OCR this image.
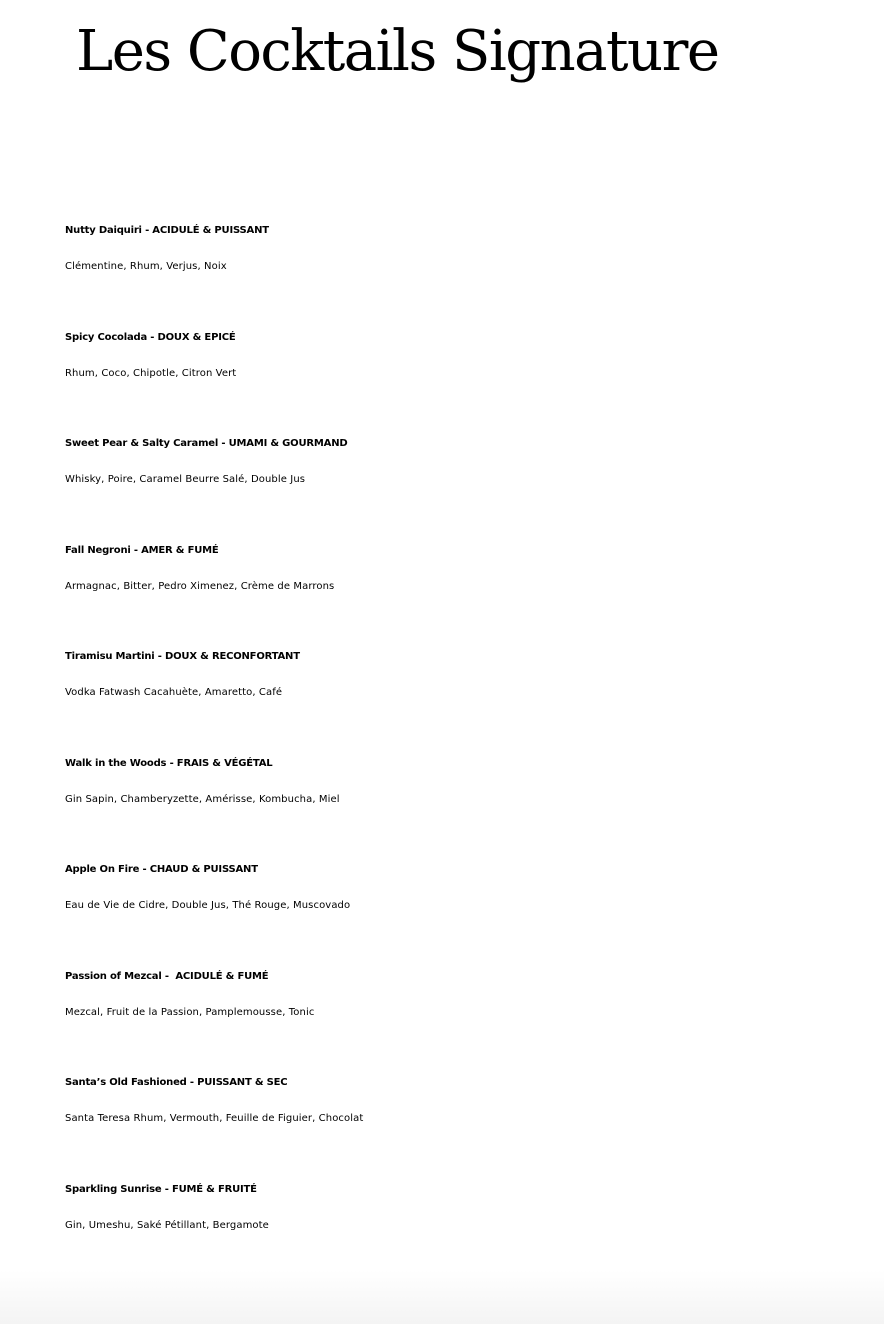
Les Cocktails Signature
Nutty Daiquiri - ACIDULÉ & PUISSANT
Clémentine, Rhum, Verjus, Noix
Spicy Cocolada - DOUX & EPICÉ
Rhum, Coco, Chipotle, Citron Vert
Sweet Pear & Salty Caramel - UMAMI & GOURMAND
Whisky, Poire, Caramel Beurre Salé, Double Jus
Fall Negroni - AMER & FUMÉ
Armagnac, Bitter, Pedro Ximenez, Crème de Marrons
Tiramisu Martini - DOUX & RECONFORTANT
Vodka Fatwash Cacahuète, Amaretto, Café
Walk in the Woods - FRAIS & VÉGÉTAL
Gin Sapin, Chamberyzette, Amérisse, Kombucha, Miel
Apple On Fire - CHAUD & PUISSANT
Eau de Vie de Cidre, Double Jus, Thé Rouge, Muscovado
Passion of Mezcal -  ACIDULÉ & FUMÉ
Mezcal, Fruit de la Passion, Pamplemousse, Tonic
Santa’s Old Fashioned - PUISSANT & SEC
Santa Teresa Rhum, Vermouth, Feuille de Figuier, Chocolat
Sparkling Sunrise - FUMÉ & FRUITÉ
Gin, Umeshu, Saké Pétillant, Bergamote
